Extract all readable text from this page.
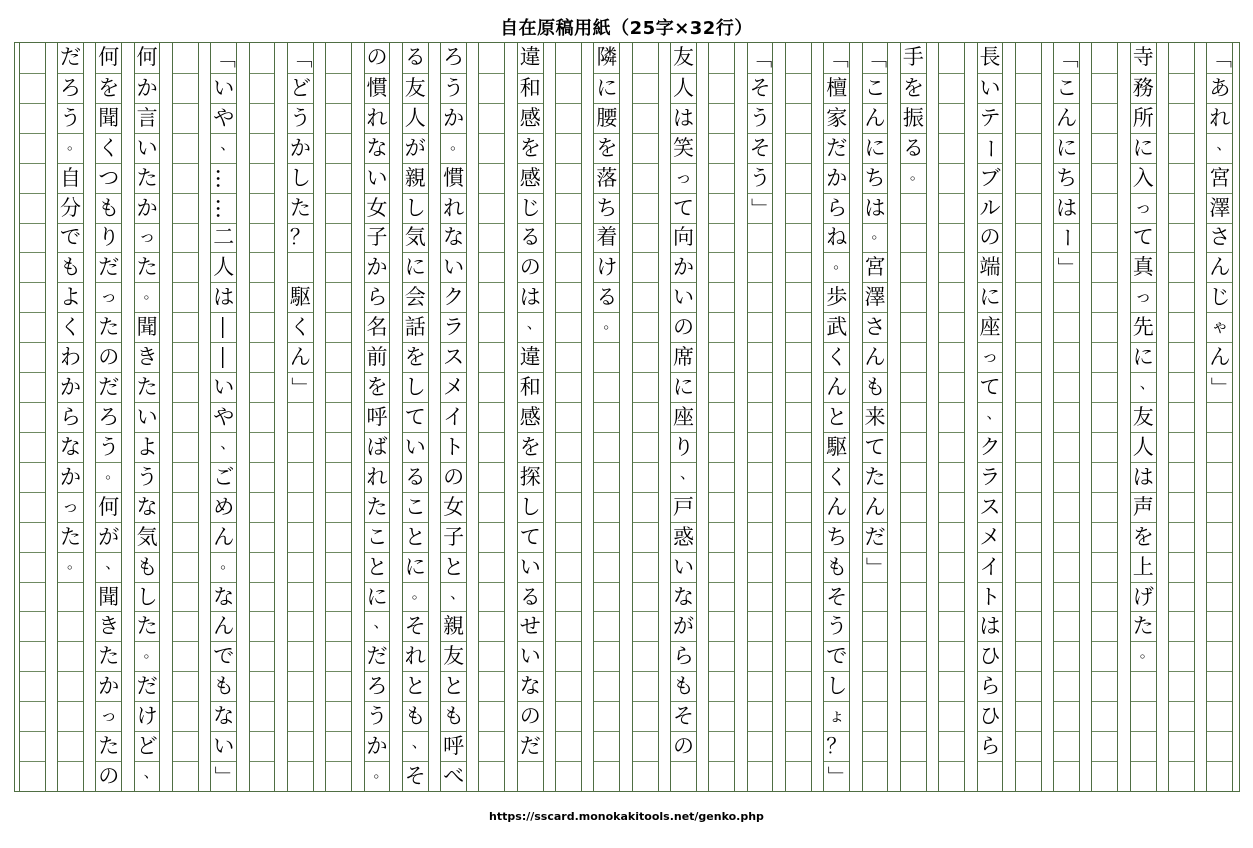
自在原稿用紙（25字×32行）
「
あ
れ
、
宮
澤
さ
ん
じ
ゃ
ん
」
寺
務
所
に
入
っ
て
真
っ
先
に
、
友
人
は
声
を
上
げ
た
。
「
こ
ん
に
ち
は
ー
」
長
い
テ
ー
ブ
ル
の
端
に
座
っ
て
、
ク
ラ
ス
メ
イ
ト
は
ひ
ら
ひ
ら
手
を
振
る
。
「
こ
ん
に
ち
は
。
宮
澤
さ
ん
も
来
て
た
ん
だ
」
「
檀
家
だ
か
ら
ね
。
歩
武
く
ん
と
駆
く
ん
ち
も
そ
う
で
し
ょ
？
」
「
そ
う
そ
う
」
友
人
は
笑
っ
て
向
か
い
の
席
に
座
り
、
戸
惑
い
な
が
ら
も
そ
の
隣
に
腰
を
落
ち
着
け
る
。
違
和
感
を
感
じ
る
の
は
、
違
和
感
を
探
し
て
い
る
せ
い
な
の
だ
ろ
う
か
。
慣
れ
な
い
ク
ラ
ス
メ
イ
ト
の
女
子
と
、
親
友
と
も
呼
べ
る
友
人
が
親
し
気
に
会
話
を
し
て
い
る
こ
と
に
。
そ
れ
と
も
、
そ
の
慣
れ
な
い
女
子
か
ら
名
前
を
呼
ば
れ
た
こ
と
に
、
だ
ろ
う
か
。
「
ど
う
か
し
た
？

駆
く
ん
」
「
い
や
、
…
…
二
人
は
―
―
い
や
、
ご
め
ん
。
な
ん
で
も
な
い
」
何
か
言
い
た
か
っ
た
。
聞
き
た
い
よ
う
な
気
も
し
た
。
だ
け
ど
、
何
を
聞
く
つ
も
り
だ
っ
た
の
だ
ろ
う
。
何
が
、
聞
き
た
か
っ
た
の
だ
ろ
う
。
自
分
で
も
よ
く
わ
か
ら
な
か
っ
た
。
https://sscard.monokakitools.net/genko.php
